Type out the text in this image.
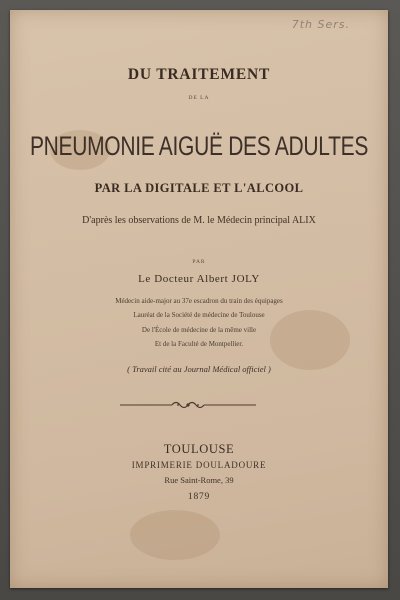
7th Sers.
DU TRAITEMENT
DE LA
PNEUMONIE AIGUË DES ADULTES
PAR LA DIGITALE ET L'ALCOOL
D'après les observations de M. le Médecin principal ALIX
PAR
Le Docteur Albert JOLY
Médecin aide-major au 37e escadron du train des équipages
Lauréat de la Société de médecine de Toulouse
De l'École de médecine de la même ville
Et de la Faculté de Montpellier.
( Travail cité au Journal Médical officiel )
TOULOUSE
IMPRIMERIE DOULADOURE
Rue Saint-Rome, 39
1879
